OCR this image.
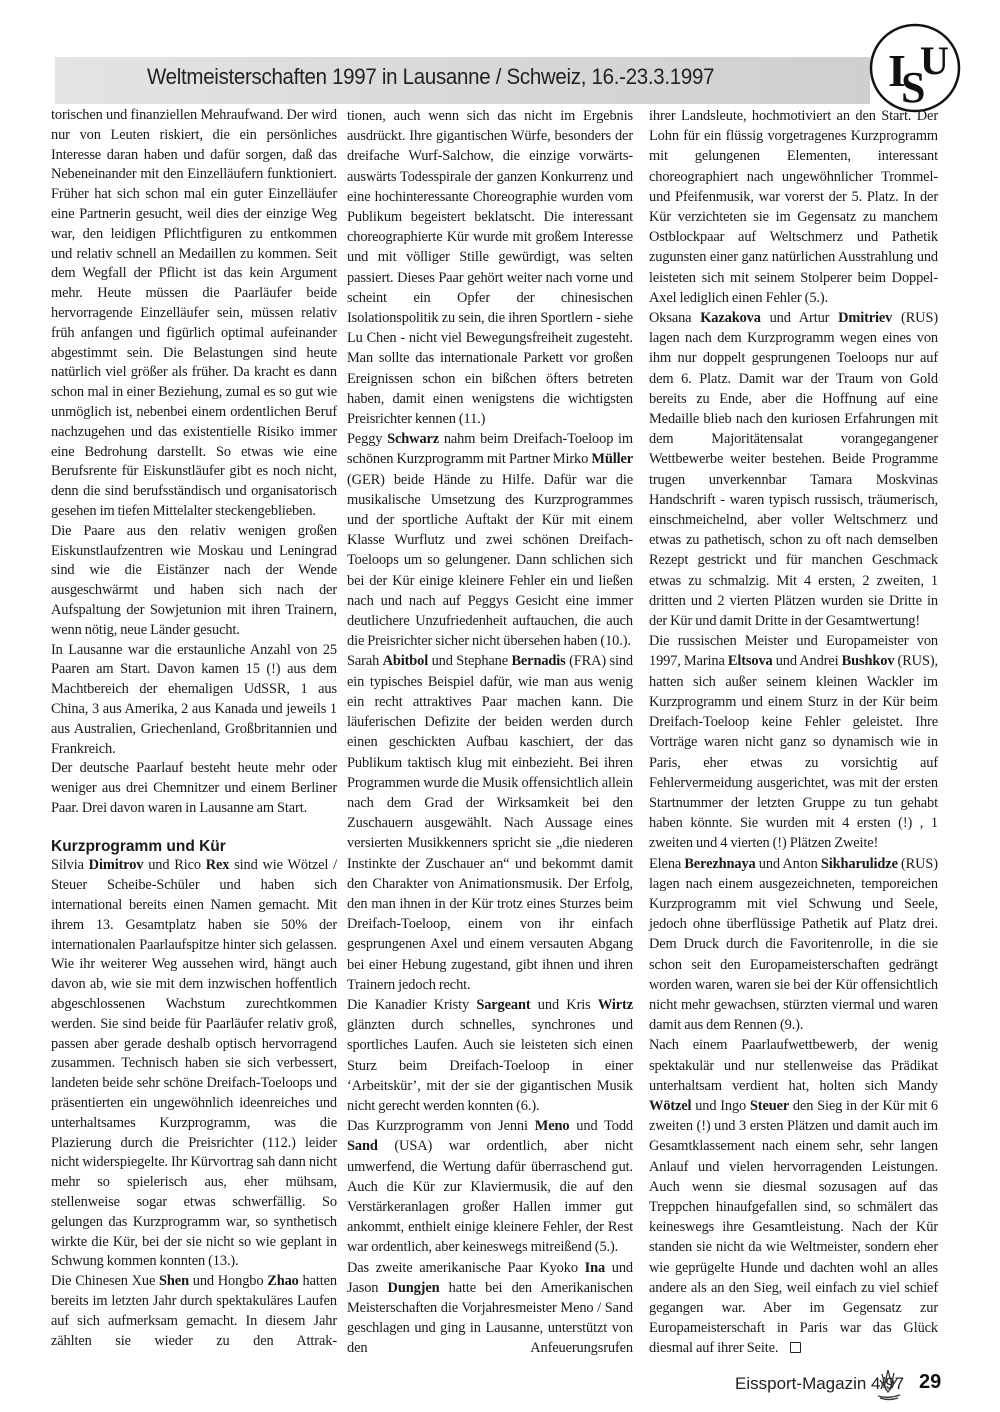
Weltmeisterschaften 1997 in Lausanne / Schweiz, 16.-23.3.1997	I
S
U

torischen und finanziellen Mehraufwand. Der wird nur von Leuten riskiert, die ein persönliches Interesse daran haben und dafür sorgen, daß das Nebeneinander mit den Einzelläufern funktioniert. Früher hat sich schon mal ein guter Einzelläufer eine Partnerin gesucht, weil dies der einzige Weg war, den leidigen Pflichtfiguren zu entkommen und relativ schnell an Medaillen zu kommen. Seit dem Wegfall der Pflicht ist das kein Argument mehr. Heute müssen die Paarläufer beide hervorragende Einzelläufer sein, müssen relativ früh anfangen und figürlich optimal aufeinander abgestimmt sein. Die Belastungen sind heute natürlich viel größer als früher. Da kracht es dann schon mal in einer Beziehung, zumal es so gut wie unmöglich ist, nebenbei einem ordentlichen Beruf nachzugehen und das existentielle Risiko immer eine Bedrohung darstellt. So etwas wie eine Berufsrente für Eiskunstläufer gibt es noch nicht, denn die sind berufsständisch und organisatorisch gesehen im tiefen Mittelalter steckengeblieben.

Die Paare aus den relativ wenigen großen Eiskunstlaufzentren wie Moskau und Leningrad sind wie die Eistänzer nach der Wende ausgeschwärmt und haben sich nach der Aufspaltung der Sowjetunion mit ihren Trainern, wenn nötig, neue Länder gesucht.

In Lausanne war die erstaunliche Anzahl von 25 Paaren am Start. Davon kamen 15 (!) aus dem Machtbereich der ehemaligen UdSSR, 1 aus China, 3 aus Amerika, 2 aus Kanada und jeweils 1 aus Australien, Griechenland, Großbritannien und Frankreich.

Der deutsche Paarlauf besteht heute mehr oder weniger aus drei Chemnitzer und einem Berliner Paar. Drei davon waren in Lausanne am Start.

Kurzprogramm und Kür

Silvia Dimitrov und Rico Rex sind wie Wötzel / Steuer Scheibe-Schüler und haben sich international bereits einen Namen gemacht. Mit ihrem 13. Gesamtplatz haben sie 50% der internationalen Paarlaufspitze hinter sich gelassen. Wie ihr weiterer Weg aussehen wird, hängt auch davon ab, wie sie mit dem inzwischen hoffentlich abgeschlossenen Wachstum zurechtkommen werden. Sie sind beide für Paarläufer relativ groß, passen aber gerade deshalb optisch hervorragend zusammen. Technisch haben sie sich verbessert, landeten beide sehr schöne Dreifach-Toeloops und präsentierten ein ungewöhnlich ideenreiches und unterhaltsames Kurzprogramm, was die Plazierung durch die Preisrichter (112.) leider nicht widerspiegelte. Ihr Kürvortrag sah dann nicht mehr so spielerisch aus, eher mühsam, stellenweise sogar etwas schwerfällig. So gelungen das Kurzprogramm war, so synthetisch wirkte die Kür, bei der sie nicht so wie geplant in Schwung kommen konnten (13.).

Die Chinesen Xue Shen und Hongbo Zhao hatten bereits im letzten Jahr durch spektakuläres Laufen auf sich aufmerksam gemacht. In diesem Jahr zählten sie wieder zu den Attrak-

tionen, auch wenn sich das nicht im Ergebnis ausdrückt. Ihre gigantischen Würfe, besonders der dreifache Wurf-Salchow, die einzige vorwärts-auswärts Todesspirale der ganzen Konkurrenz und eine hochinteressante Choreographie wurden vom Publikum begeistert beklatscht. Die interessant choreographierte Kür wurde mit großem Interesse und mit völliger Stille gewürdigt, was selten passiert. Dieses Paar gehört weiter nach vorne und scheint ein Opfer der chinesischen Isolationspolitik zu sein, die ihren Sportlern - siehe Lu Chen - nicht viel Bewegungsfreiheit zugesteht. Man sollte das internationale Parkett vor großen Ereignissen schon ein bißchen öfters betreten haben, damit einen wenigstens die wichtigsten Preisrichter kennen (11.)

Peggy Schwarz nahm beim Dreifach-Toeloop im schönen Kurzprogramm mit Partner Mirko Müller (GER) beide Hände zu Hilfe. Dafür war die musikalische Umsetzung des Kurzprogrammes und der sportliche Auftakt der Kür mit einem Klasse Wurflutz und zwei schönen Dreifach-Toeloops um so gelungener. Dann schlichen sich bei der Kür einige kleinere Fehler ein und ließen nach und nach auf Peggys Gesicht eine immer deutlichere Unzufriedenheit auftauchen, die auch die Preisrichter sicher nicht übersehen haben (10.).

Sarah Abitbol und Stephane Bernadis (FRA) sind ein typisches Beispiel dafür, wie man aus wenig ein recht attraktives Paar machen kann. Die läuferischen Defizite der beiden werden durch einen geschickten Aufbau kaschiert, der das Publikum taktisch klug mit einbezieht. Bei ihren Programmen wurde die Musik offensichtlich allein nach dem Grad der Wirksamkeit bei den Zuschauern ausgewählt. Nach Aussage eines versierten Musikkenners spricht sie „die niederen Instinkte der Zuschauer an“ und bekommt damit den Charakter von Animationsmusik. Der Erfolg, den man ihnen in der Kür trotz eines Sturzes beim Dreifach-Toeloop, einem von ihr einfach gesprungenen Axel und einem versauten Abgang bei einer Hebung zugestand, gibt ihnen und ihren Trainern jedoch recht.

Die Kanadier Kristy Sargeant und Kris Wirtz glänzten durch schnelles, synchrones und sportliches Laufen. Auch sie leisteten sich einen Sturz beim Dreifach-Toeloop in einer ‘Arbeitskür’, mit der sie der gigantischen Musik nicht gerecht werden konnten (6.).

Das Kurzprogramm von Jenni Meno und Todd Sand (USA) war ordentlich, aber nicht umwerfend, die Wertung dafür überraschend gut. Auch die Kür zur Klaviermusik, die auf den Verstärkeranlagen großer Hallen immer gut ankommt, enthielt einige kleinere Fehler, der Rest war ordentlich, aber keineswegs mitreißend (5.).

Das zweite amerikanische Paar Kyoko Ina und Jason Dungjen hatte bei den Amerikanischen Meisterschaften die Vorjahresmeister Meno / Sand geschlagen und ging in Lausanne, unterstützt von den Anfeuerungsrufen

ihrer Landsleute, hochmotiviert an den Start. Der Lohn für ein flüssig vorgetragenes Kurzprogramm mit gelungenen Elementen, interessant choreographiert nach ungewöhnlicher Trommel- und Pfeifenmusik, war vorerst der 5. Platz. In der Kür verzichteten sie im Gegensatz zu manchem Ostblockpaar auf Weltschmerz und Pathetik zugunsten einer ganz natürlichen Ausstrahlung und leisteten sich mit seinem Stolperer beim Doppel-Axel lediglich einen Fehler (5.).

Oksana Kazakova und Artur Dmitriev (RUS) lagen nach dem Kurzprogramm wegen eines von ihm nur doppelt gesprungenen Toeloops nur auf dem 6. Platz. Damit war der Traum von Gold bereits zu Ende, aber die Hoffnung auf eine Medaille blieb nach den kuriosen Erfahrungen mit dem Majoritätensalat vorangegangener Wettbewerbe weiter bestehen. Beide Programme trugen unverkennbar Tamara Moskvinas Handschrift - waren typisch russisch, träumerisch, einschmeichelnd, aber voller Weltschmerz und etwas zu pathetisch, schon zu oft nach demselben Rezept gestrickt und für manchen Geschmack etwas zu schmalzig. Mit 4 ersten, 2 zweiten, 1 dritten und 2 vierten Plätzen wurden sie Dritte in der Kür und damit Dritte in der Gesamtwertung!

Die russischen Meister und Europameister von 1997, Marina Eltsova und Andrei Bushkov (RUS), hatten sich außer seinem kleinen Wackler im Kurzprogramm und einem Sturz in der Kür beim Dreifach-Toeloop keine Fehler geleistet. Ihre Vorträge waren nicht ganz so dynamisch wie in Paris, eher etwas zu vorsichtig auf Fehlervermeidung ausgerichtet, was mit der ersten Startnummer der letzten Gruppe zu tun gehabt haben könnte. Sie wurden mit 4 ersten (!) , 1 zweiten und 4 vierten (!) Plätzen Zweite!

Elena Berezhnaya und Anton Sikharulidze (RUS) lagen nach einem ausgezeichneten, temporeichen Kurzprogramm mit viel Schwung und Seele, jedoch ohne überflüssige Pathetik auf Platz drei. Dem Druck durch die Favoritenrolle, in die sie schon seit den Europameisterschaften gedrängt worden waren, waren sie bei der Kür offensichtlich nicht mehr gewachsen, stürzten viermal und waren damit aus dem Rennen (9.).

Nach einem Paarlaufwettbewerb, der wenig spektakulär und nur stellenweise das Prädikat unterhaltsam verdient hat, holten sich Mandy Wötzel und Ingo Steuer den Sieg in der Kür mit 6 zweiten (!) und 3 ersten Plätzen und damit auch im Gesamtklassement nach einem sehr, sehr langen Anlauf und vielen hervorragenden Leistungen. Auch wenn sie diesmal sozusagen auf das Treppchen hinaufgefallen sind, so schmälert das keineswegs ihre Gesamtleistung. Nach der Kür standen sie nicht da wie Weltmeister, sondern eher wie geprügelte Hunde und dachten wohl an alles andere als an den Sieg, weil einfach zu viel schief gegangen war. Aber im Gegensatz zur Europameisterschaft in Paris war das Glück diesmal auf ihrer Seite.

Eissport-Magazin 4/97 29
